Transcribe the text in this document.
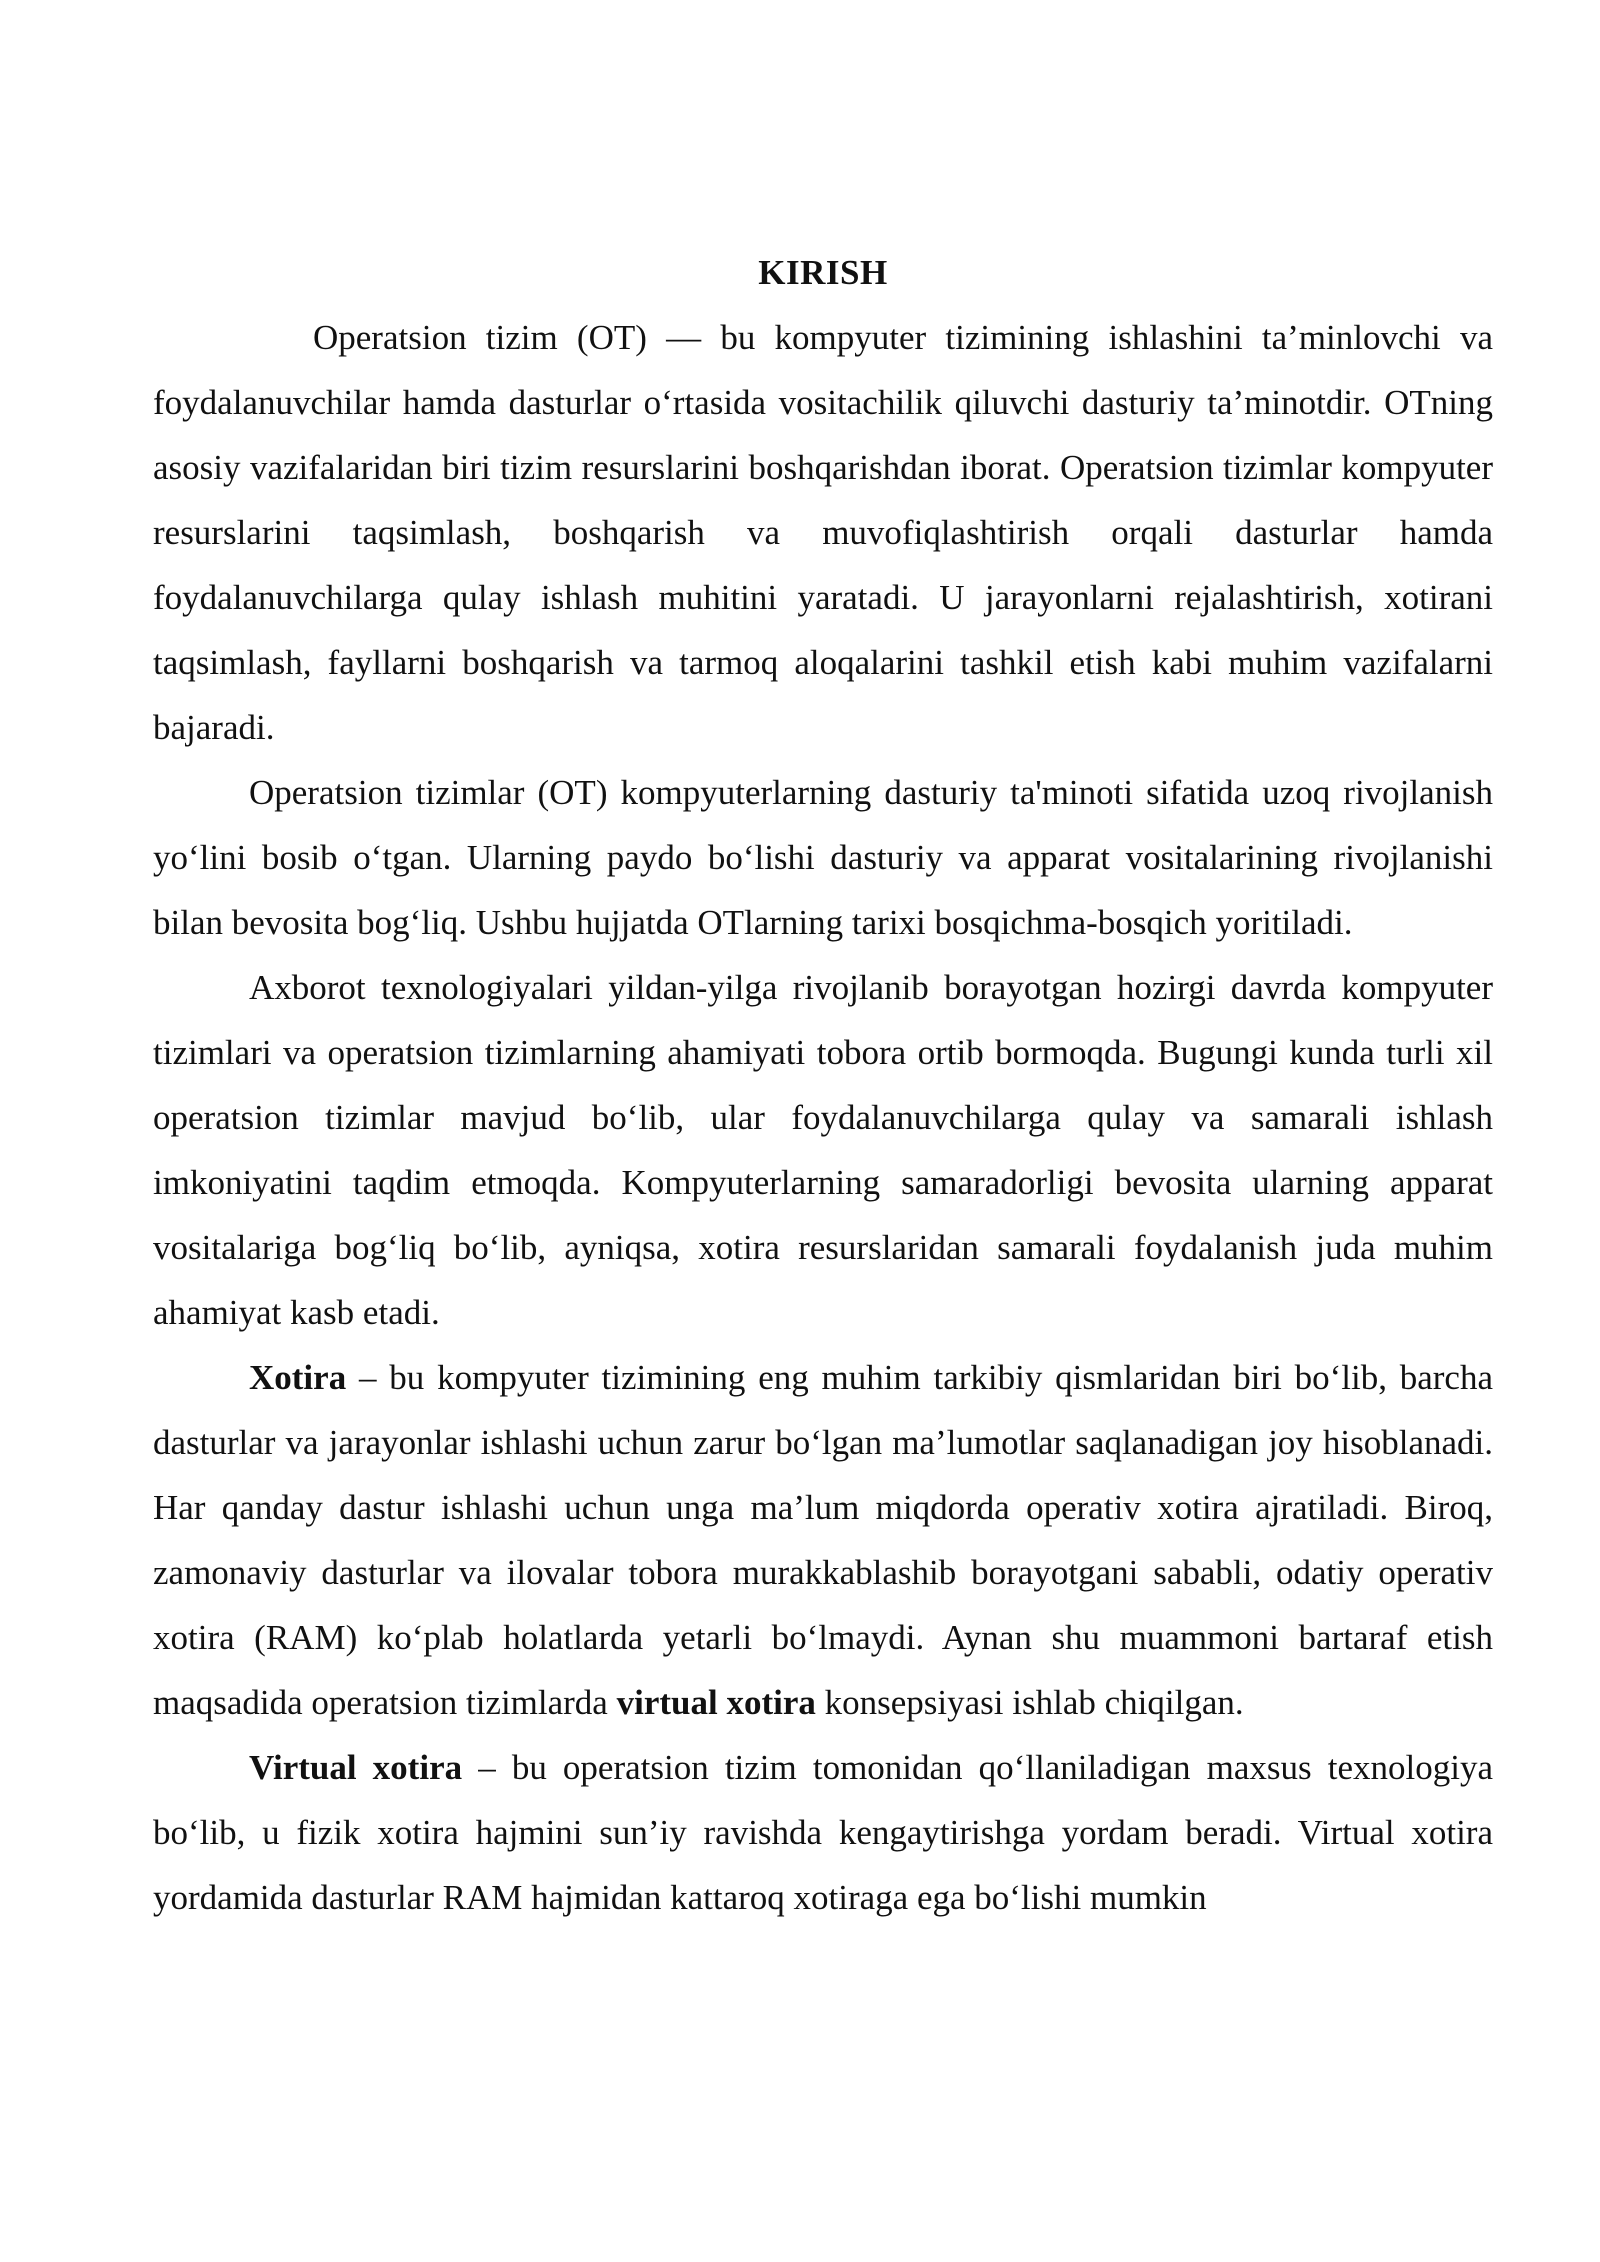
KIRISH

Operatsion tizim (OT) — bu kompyuter tizimining ishlashini ta’minlovchi va foydalanuvchilar hamda dasturlar o‘rtasida vositachilik qiluvchi dasturiy ta’minotdir. OTning asosiy vazifalaridan biri tizim resurslarini boshqarishdan iborat. Operatsion tizimlar kompyuter resurslarini taqsimlash, boshqarish va muvofiqlashtirish orqali dasturlar hamda foydalanuvchilarga qulay ishlash muhitini yaratadi. U jarayonlarni rejalashtirish, xotirani taqsimlash, fayllarni boshqarish va tarmoq aloqalarini tashkil etish kabi muhim vazifalarni bajaradi.

Operatsion tizimlar (OT) kompyuterlarning dasturiy ta'minoti sifatida uzoq rivojlanish yo‘lini bosib o‘tgan. Ularning paydo bo‘lishi dasturiy va apparat vositalarining rivojlanishi bilan bevosita bog‘liq. Ushbu hujjatda OTlarning tarixi bosqichma-bosqich yoritiladi.

Axborot texnologiyalari yildan-yilga rivojlanib borayotgan hozirgi davrda kompyuter tizimlari va operatsion tizimlarning ahamiyati tobora ortib bormoqda. Bugungi kunda turli xil operatsion tizimlar mavjud bo‘lib, ular foydalanuvchilarga qulay va samarali ishlash imkoniyatini taqdim etmoqda. Kompyuterlarning samaradorligi bevosita ularning apparat vositalariga bog‘liq bo‘lib, ayniqsa, xotira resurslaridan samarali foydalanish juda muhim ahamiyat kasb etadi.

Xotira – bu kompyuter tizimining eng muhim tarkibiy qismlaridan biri bo‘lib, barcha dasturlar va jarayonlar ishlashi uchun zarur bo‘lgan ma’lumotlar saqlanadigan joy hisoblanadi. Har qanday dastur ishlashi uchun unga ma’lum miqdorda operativ xotira ajratiladi. Biroq, zamonaviy dasturlar va ilovalar tobora murakkablashib borayotgani sababli, odatiy operativ xotira (RAM) ko‘plab holatlarda yetarli bo‘lmaydi. Aynan shu muammoni bartaraf etish maqsadida operatsion tizimlarda virtual xotira konsepsiyasi ishlab chiqilgan.

Virtual xotira – bu operatsion tizim tomonidan qo‘llaniladigan maxsus texnologiya bo‘lib, u fizik xotira hajmini sun’iy ravishda kengaytirishga yordam beradi. Virtual xotira yordamida dasturlar RAM hajmidan kattaroq xotiraga ega bo‘lishi mumkin
